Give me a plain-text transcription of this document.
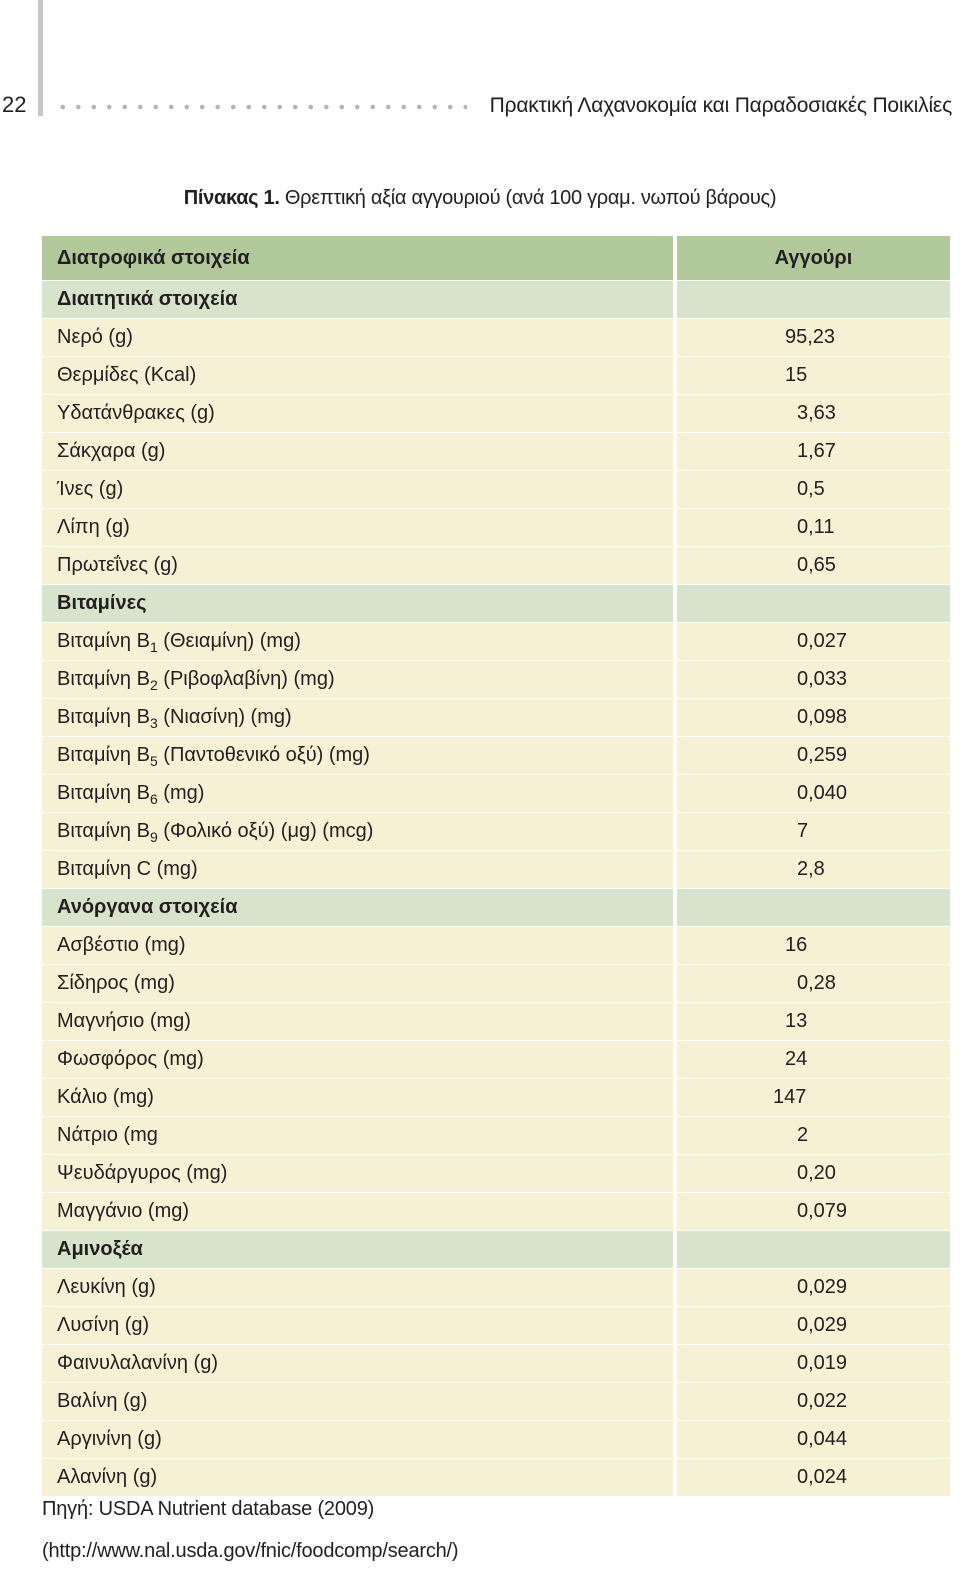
22	Πρακτική Λαχανοκομία και Παραδοσιακές Ποικιλίες
Πίνακας 1. Θρεπτική αξία αγγουριού (ανά 100 γραμ. νωπού βάρους)
Διατροφικά στοιχεία	Αγγούρι
Διαιτητικά στοιχεία	
Νερό (g)	95,23
Θερμίδες (Kcal)	15
Υδατάνθρακες (g)	3,63
Σάκχαρα (g)	1,67
Ίνες (g)	0,5
Λίπη (g)	0,11
Πρωτεΐνες (g)	0,65
Βιταμίνες	
Βιταμίνη $B_1$ (Θειαμίνη) (mg)	0,027
Βιταμίνη $B_2$ (Ριβοφλαβίνη) (mg)	0,033
Βιταμίνη $B_3$ (Νιασίνη) (mg)	0,098
Βιταμίνη $B_5$ (Παντοθενικό οξύ) (mg)	0,259
Βιταμίνη $B_6$ (mg)	0,040
Βιταμίνη $B_9$ (Φολικό οξύ) (μg) (mcg)	7
Βιταμίνη C (mg)	2,8
Ανόργανα στοιχεία	
Ασβέστιο (mg)	16
Σίδηρος (mg)	0,28
Μαγνήσιο (mg)	13
Φωσφόρος (mg)	24
Κάλιο (mg)	147
Νάτριο (mg	2
Ψευδάργυρος (mg)	0,20
Μαγγάνιο (mg)	0,079
Αμινοξέα	
Λευκίνη (g)	0,029
Λυσίνη (g)	0,029
Φαινυλαλανίνη (g)	0,019
Βαλίνη (g)	0,022
Αργινίνη (g)	0,044
Αλανίνη (g)	0,024
Πηγή: USDA Nutrient database (2009)
(http://www.nal.usda.gov/fnic/foodcomp/search/)
